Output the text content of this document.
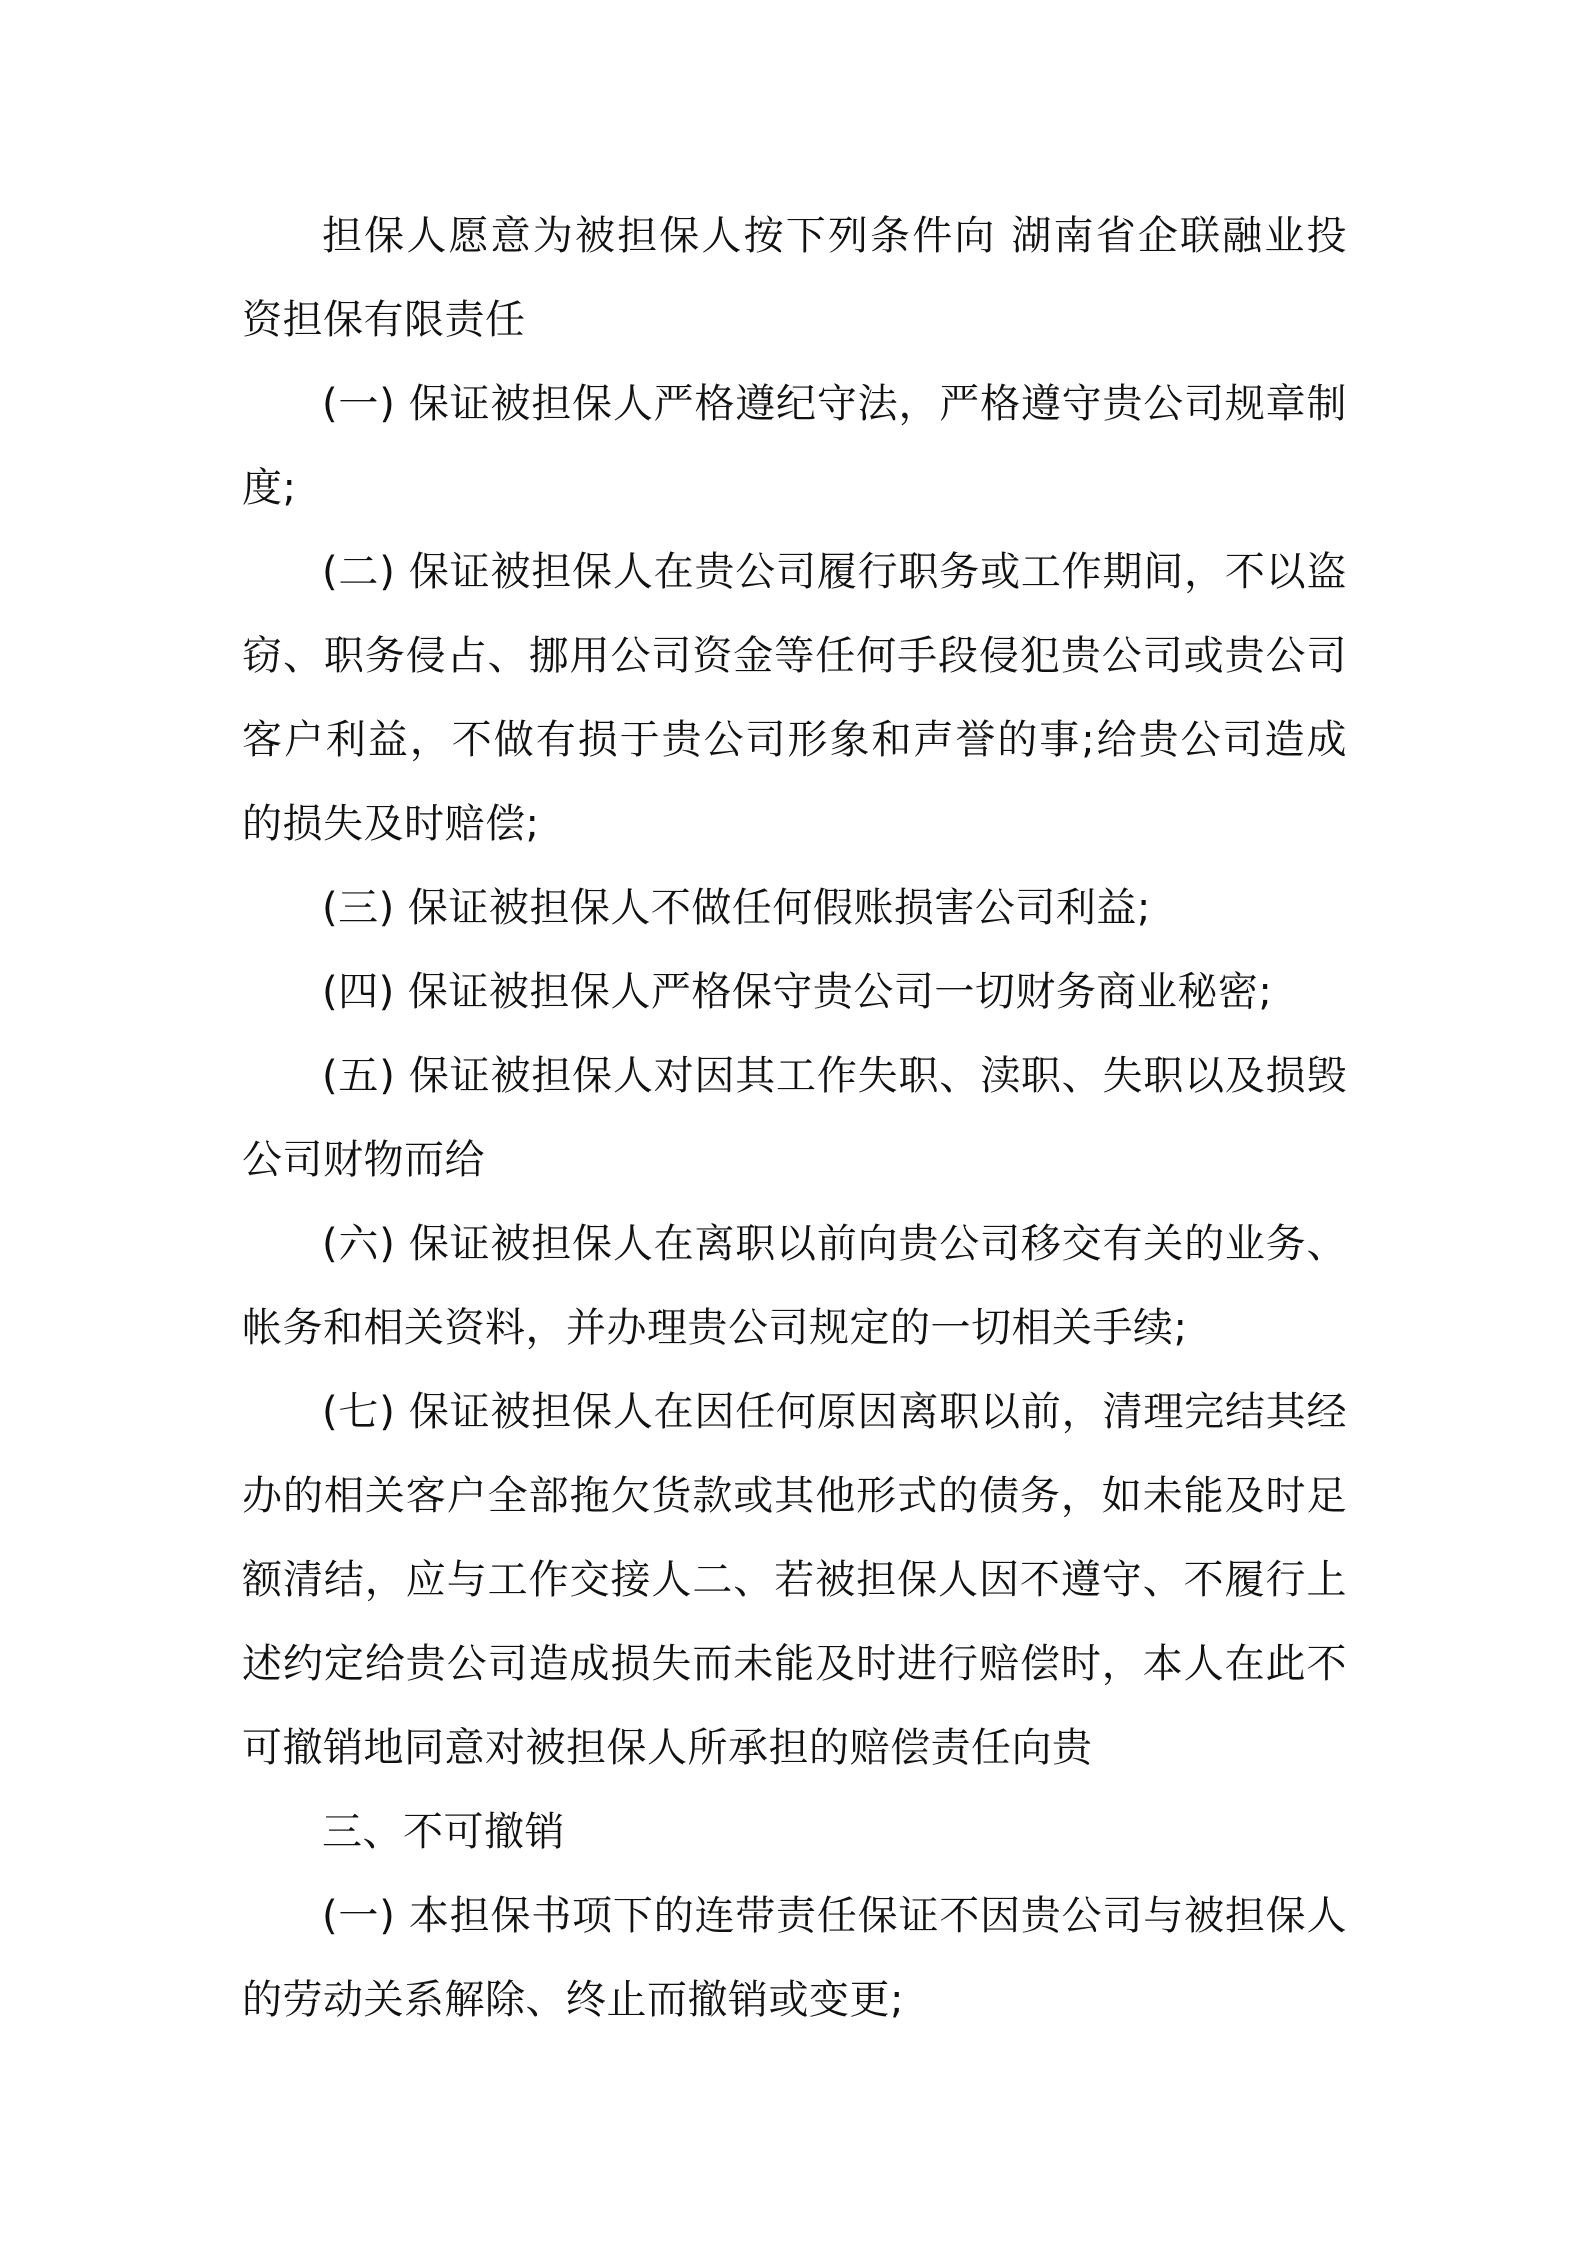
担保人愿意为被担保人按下列条件向 湖南省企联融业投资担保有限责任

(一) 保证被担保人严格遵纪守法，严格遵守贵公司规章制度;

(二) 保证被担保人在贵公司履行职务或工作期间，不以盗窃、职务侵占、挪用公司资金等任何手段侵犯贵公司或贵公司客户利益，不做有损于贵公司形象和声誉的事;给贵公司造成的损失及时赔偿;

(三) 保证被担保人不做任何假账损害公司利益;

(四) 保证被担保人严格保守贵公司一切财务商业秘密;

(五) 保证被担保人对因其工作失职、渎职、失职以及损毁公司财物而给

(六) 保证被担保人在离职以前向贵公司移交有关的业务、帐务和相关资料，并办理贵公司规定的一切相关手续;

(七) 保证被担保人在因任何原因离职以前，清理完结其经办的相关客户全部拖欠货款或其他形式的债务，如未能及时足额清结，应与工作交接人二、若被担保人因不遵守、不履行上述约定给贵公司造成损失而未能及时进行赔偿时，本人在此不可撤销地同意对被担保人所承担的赔偿责任向贵

三、不可撤销

(一) 本担保书项下的连带责任保证不因贵公司与被担保人的劳动关系解除、终止而撤销或变更;
